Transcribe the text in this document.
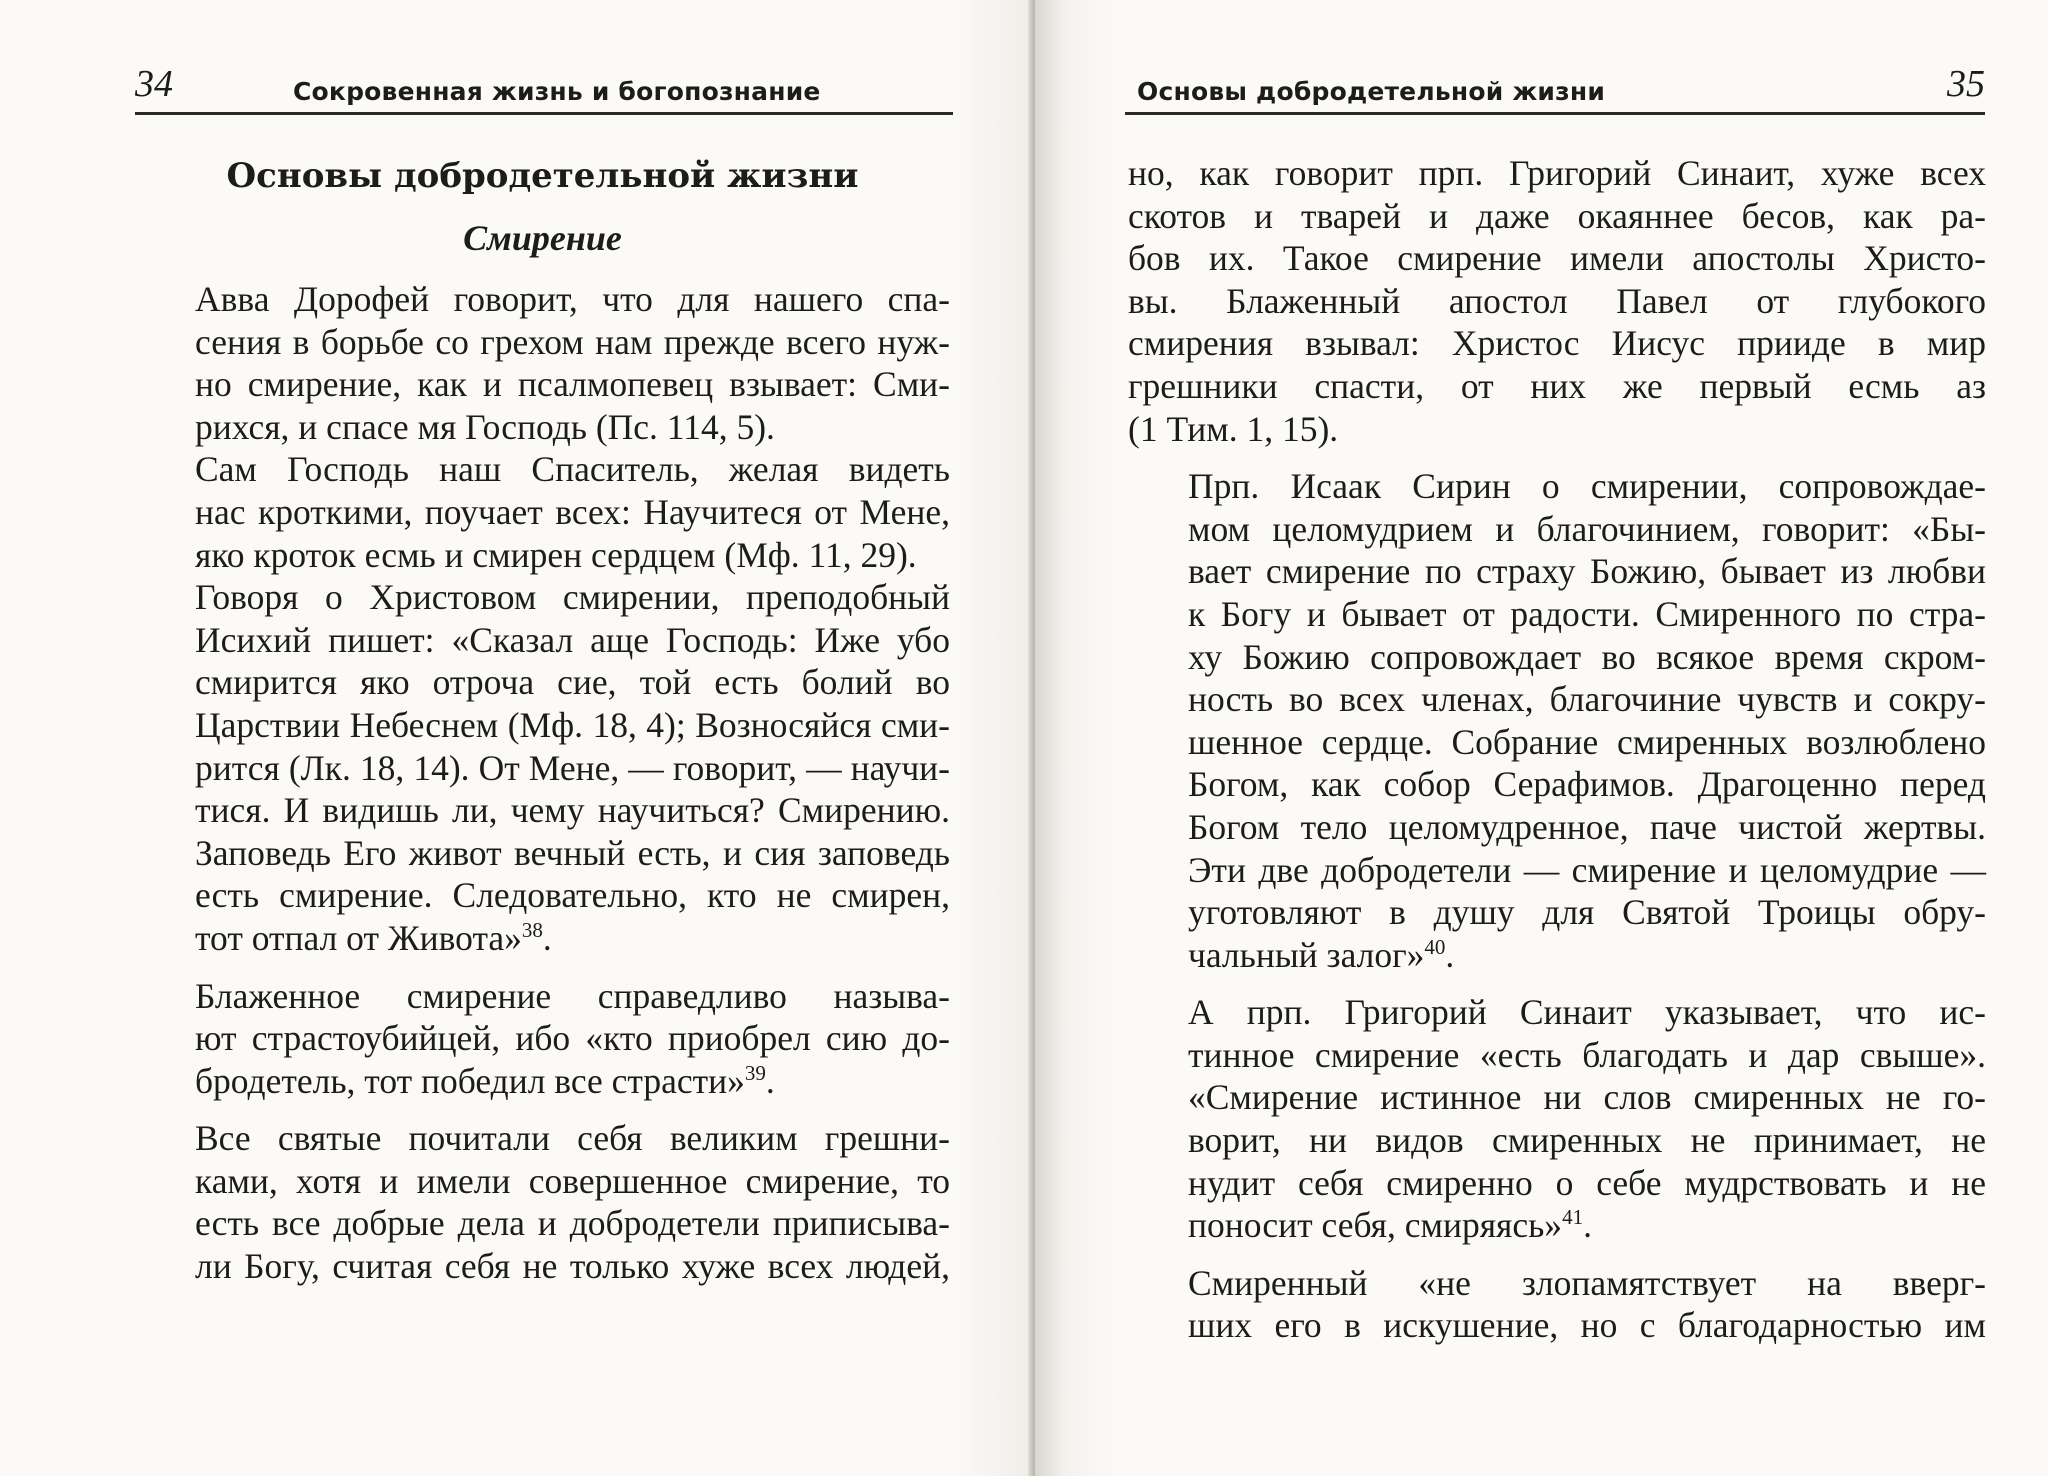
34	Сокровенная жизнь и богопознание
Основы добродетельной жизни
Смирение

Авва Дорофей говорит, что для нашего спа-
сения в борьбе со грехом нам прежде всего нуж-
но смирение, как и псалмопевец взывает: Сми-
рихся, и спасе мя Господь (Пс. 114, 5).

Сам Господь наш Спаситель, желая видеть
нас кроткими, поучает всех: Научитеся от Мене,
яко кроток есмь и смирен сердцем (Мф. 11, 29).

Говоря о Христовом смирении, преподобный
Исихий пишет: «Сказал аще Господь: Иже убо
смирится яко отроча сие, той есть болий во
Царствии Небеснем (Мф. 18, 4); Возносяйся сми-
рится (Лк. 18, 14). От Мене, — говорит, — научи-
тися. И видишь ли, чему научиться? Смирению.
Заповедь Его живот вечный есть, и сия заповедь
есть смирение. Следовательно, кто не смирен,
тот отпал от Живота»$^{38}$.

Блаженное смирение справедливо называ-
ют страстоубийцей, ибо «кто приобрел сию до-
бродетель, тот победил все страсти»$^{39}$.

Все святые почитали себя великим грешни-
ками, хотя и имели совершенное смирение, то
есть все добрые дела и добродетели приписыва-
ли Богу, считая себя не только хуже всех людей,

Основы добродетельной жизни	35

но, как говорит прп. Григорий Синаит, хуже всех
скотов и тварей и даже окаяннее бесов, как ра-
бов их. Такое смирение имели апостолы Христо-
вы. Блаженный апостол Павел от глубокого
смирения взывал: Христос Иисус прииде в мир
грешники спасти, от них же первый есмь аз
(1 Тим. 1, 15).

Прп. Исаак Сирин о смирении, сопровождае-
мом целомудрием и благочинием, говорит: «Бы-
вает смирение по страху Божию, бывает из любви
к Богу и бывает от радости. Смиренного по стра-
ху Божию сопровождает во всякое время скром-
ность во всех членах, благочиние чувств и сокру-
шенное сердце. Собрание смиренных возлюблено
Богом, как собор Серафимов. Драгоценно перед
Богом тело целомудренное, паче чистой жертвы.
Эти две добродетели — смирение и целомудрие —
уготовляют в душу для Святой Троицы обру-
чальный залог»$^{40}$.

А прп. Григорий Синаит указывает, что ис-
тинное смирение «есть благодать и дар свыше».
«Смирение истинное ни слов смиренных не го-
ворит, ни видов смиренных не принимает, не
нудит себя смиренно о себе мудрствовать и не
поносит себя, смиряясь»$^{41}$.

Смиренный «не злопамятствует на вверг-
ших его в искушение, но с благодарностью им
